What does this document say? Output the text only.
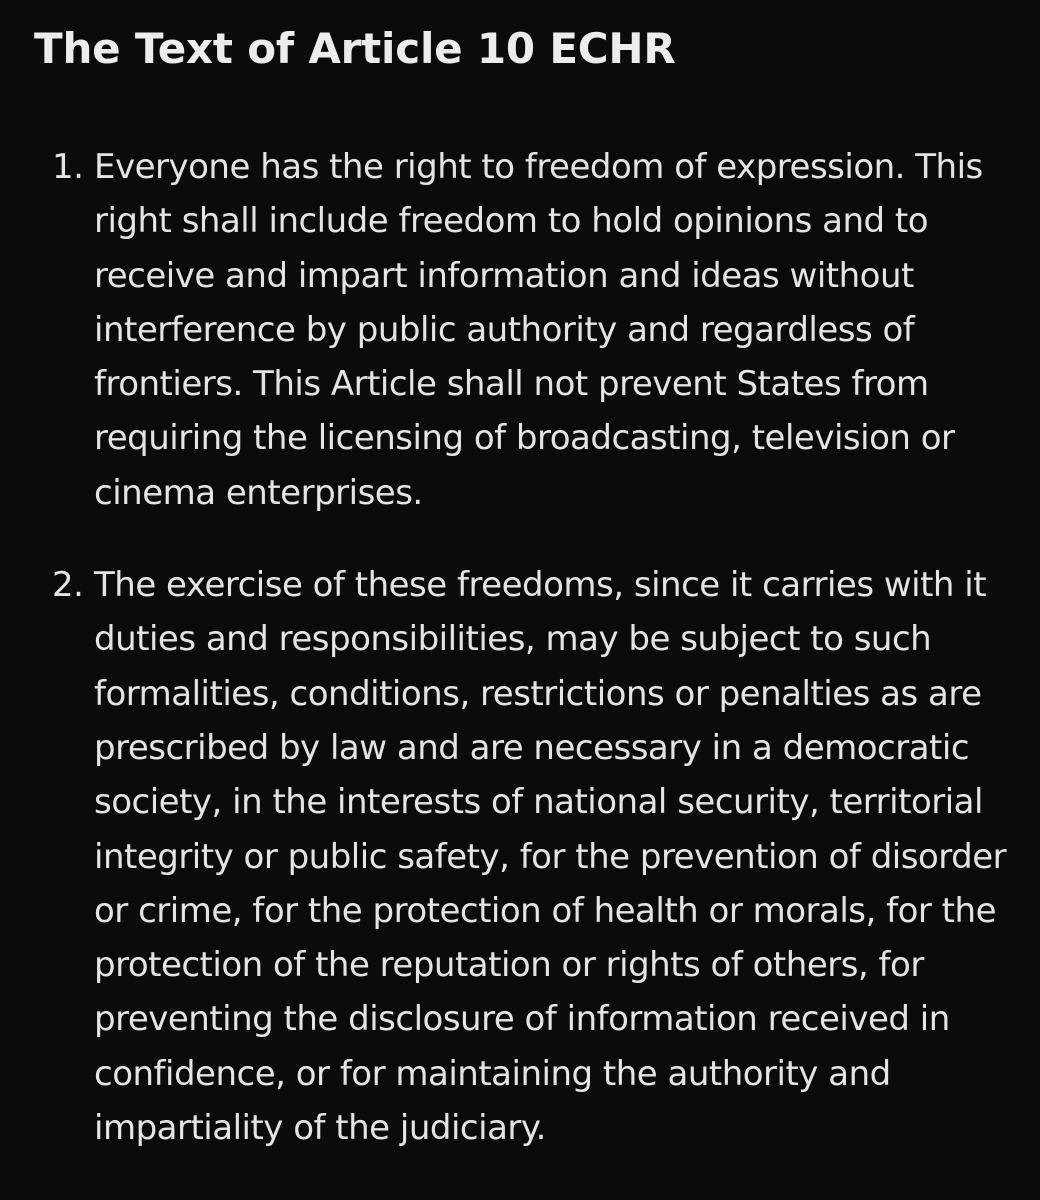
The Text of Article 10 ECHR
1. Everyone has the right to freedom of expression. This right shall include freedom to hold opinions and to receive and impart information and ideas without interference by public authority and regardless of frontiers. This Article shall not prevent States from requiring the licensing of broadcasting, television or cinema enterprises.
2. The exercise of these freedoms, since it carries with it duties and responsibilities, may be subject to such formalities, conditions, restrictions or penalties as are prescribed by law and are necessary in a democratic society, in the interests of national security, territorial integrity or public safety, for the prevention of disorder or crime, for the protection of health or morals, for the protection of the reputation or rights of others, for preventing the disclosure of information received in confidence, or for maintaining the authority and impartiality of the judiciary.
